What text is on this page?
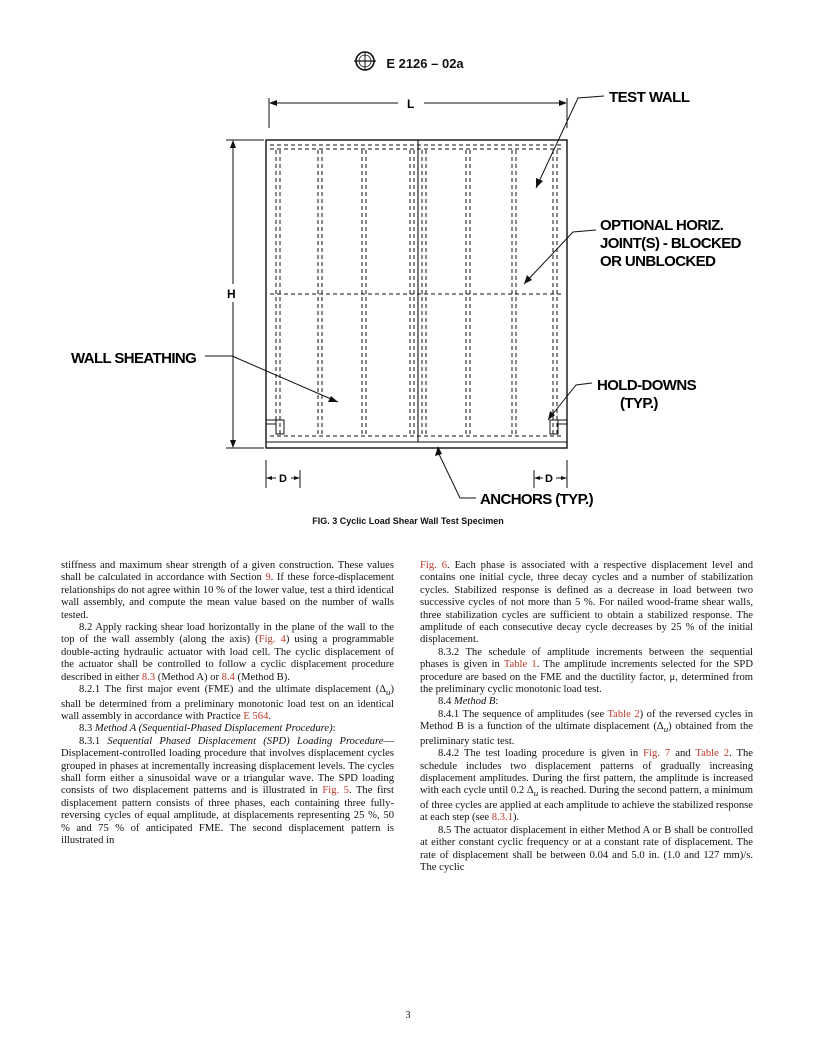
E 2126 – 02a
L
H
D	D
TEST WALL
OPTIONAL HORIZ.
JOINT(S) - BLOCKED
OR UNBLOCKED
WALL SHEATHING
HOLD-DOWNS
(TYP.)
ANCHORS (TYP.)
FIG. 3 Cyclic Load Shear Wall Test Specimen

stiffness and maximum shear strength of a given construction. These values shall be calculated in accordance with Section 9. If these force-displacement relationships do not agree within 10 % of the lower value, test a third identical wall assembly, and compute the mean value based on the number of walls tested.

8.2 Apply racking shear load horizontally in the plane of the wall to the top of the wall assembly (along the axis) (Fig. 4) using a programmable double-acting hydraulic actuator with load cell. The cyclic displacement of the actuator shall be controlled to follow a cyclic displacement procedure described in either 8.3 (Method A) or 8.4 (Method B).

8.2.1 The first major event (FME) and the ultimate displacement $(\Delta_u)$ shall be determined from a preliminary monotonic load test on an identical wall assembly in accordance with Practice E 564.

8.3 Method A (Sequential-Phased Displacement Procedure):

8.3.1 Sequential Phased Displacement (SPD) Loading Procedure—Displacement-controlled loading procedure that involves displacement cycles grouped in phases at incrementally increasing displacement levels. The cycles shall form either a sinusoidal wave or a triangular wave. The SPD loading consists of two displacement patterns and is illustrated in Fig. 5. The first displacement pattern consists of three phases, each containing three fully-reversing cycles of equal amplitude, at displacements representing 25 %, 50 % and 75 % of anticipated FME. The second displacement pattern is illustrated in

Fig. 6. Each phase is associated with a respective displacement level and contains one initial cycle, three decay cycles and a number of stabilization cycles. Stabilized response is defined as a decrease in load between two successive cycles of not more than 5 %. For nailed wood-frame shear walls, three stabilization cycles are sufficient to obtain a stabilized response. The amplitude of each consecutive decay cycle decreases by 25 % of the initial displacement.

8.3.2 The schedule of amplitude increments between the sequential phases is given in Table 1. The amplitude increments selected for the SPD procedure are based on the FME and the ductility factor, μ, determined from the preliminary cyclic monotonic load test.

8.4 Method B:

8.4.1 The sequence of amplitudes (see Table 2) of the reversed cycles in Method B is a function of the ultimate displacement $(\Delta_u)$ obtained from the preliminary static test.

8.4.2 The test loading procedure is given in Fig. 7 and Table 2. The schedule includes two displacement patterns of gradually increasing displacement amplitudes. During the first pattern, the amplitude is increased with each cycle until 0.2 $\Delta_u$ is reached. During the second pattern, a minimum of three cycles are applied at each amplitude to achieve the stabilized response at each step (see 8.3.1).

8.5 The actuator displacement in either Method A or B shall be controlled at either constant cyclic frequency or at a constant rate of displacement. The rate of displacement shall be between 0.04 and 5.0 in. (1.0 and 127 mm)/s. The cyclic

3
